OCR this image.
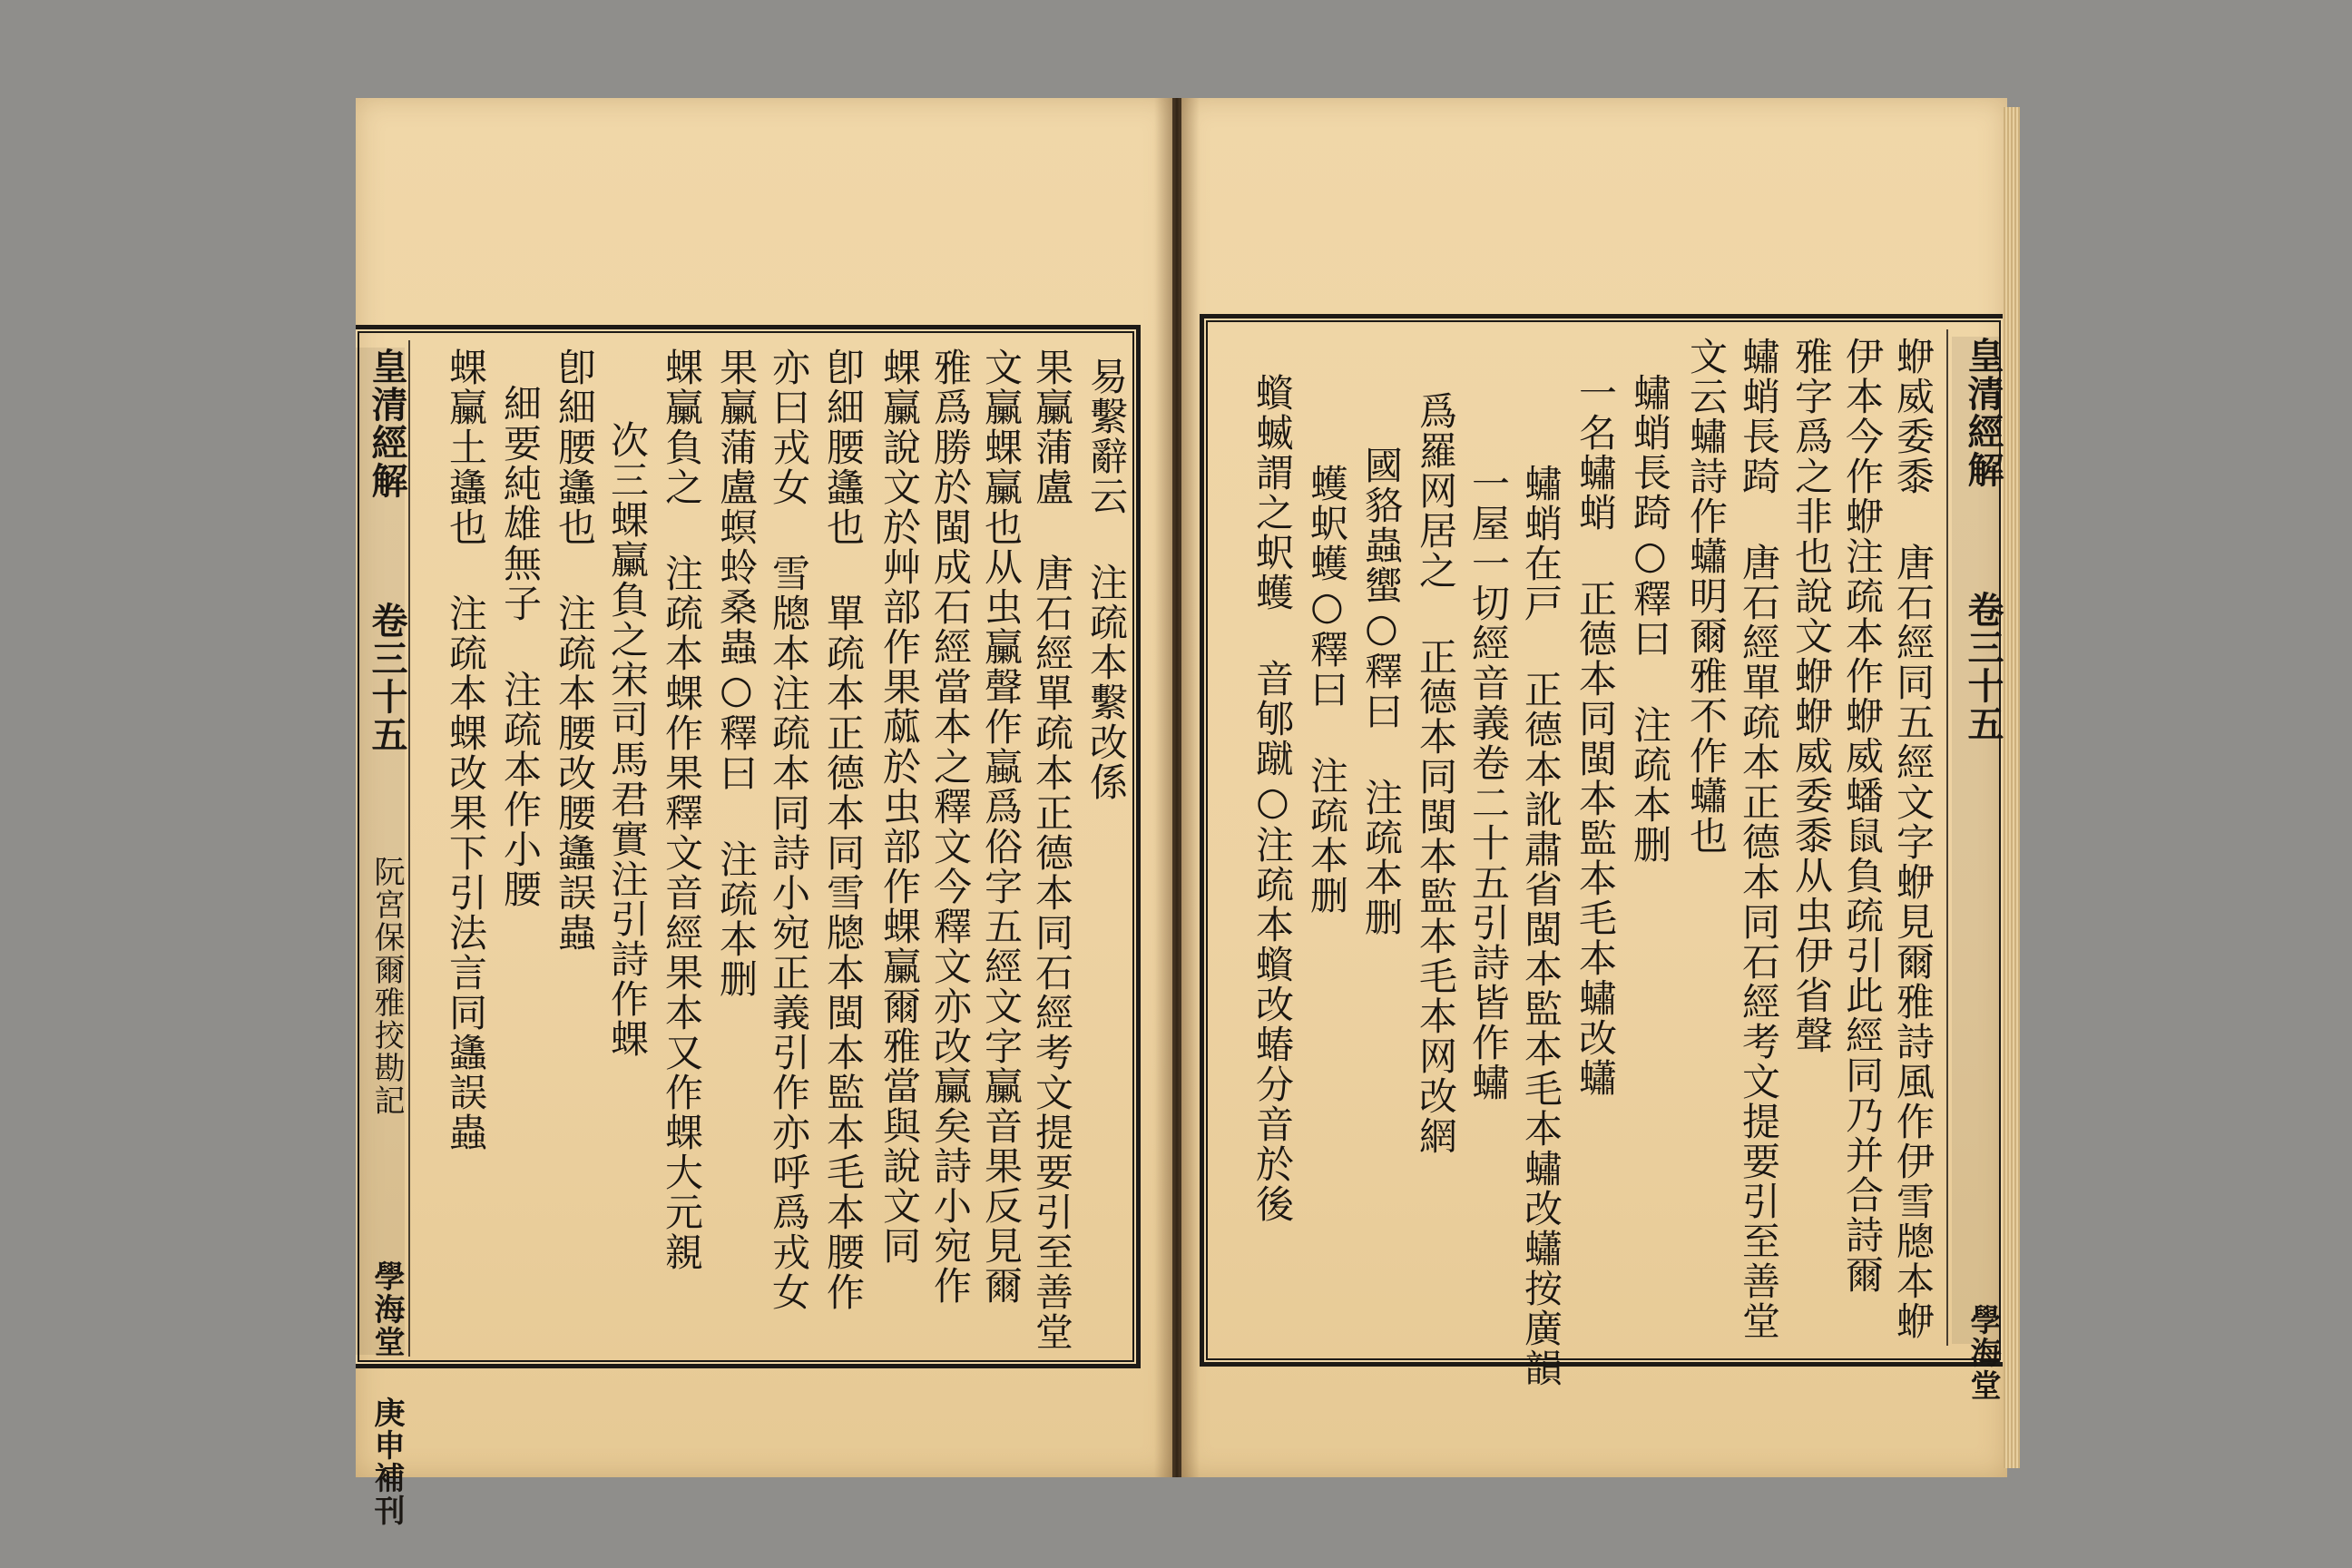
皇清經解  卷三十五  阮宮保爾雅挍勘記  學海堂 庚申補刊
易繫辭云 注疏本繫改係
果臝蒲盧 唐石經單疏本正德本同石經考文提要引至善堂
文臝蜾臝也从虫臝聲作蠃爲俗字五經文字臝音果反見爾
雅爲勝於閩成石經當本之釋文今釋文亦改臝矣詩小宛作
蜾臝說文於艸部作果蓏於虫部作蜾臝爾雅當與說文同
卽細腰蠭也 單疏本正德本同雪牕本閩本監本毛本腰作
亦曰戎女 雪牕本注疏本同詩小宛正義引作亦呼爲戎女
果臝蒲盧螟蛉桑蟲○釋曰 注疏本删
蜾臝負之 注疏本蜾作果釋文音經果本又作蜾大元親
次三蜾臝負之宋司馬君實注引詩作蜾
卽細腰蠭也 注疏本腰改腰蠭誤蟲
細要純雄無子 注疏本作小腰
蜾臝土蠭也 注疏本蜾改果下引法言同蠭誤蟲	皇清經解  卷三十五  學海堂
蛜威委黍 唐石經同五經文字蛜見爾雅詩風作伊雪牕本蛜
伊本今作蛜注疏本作蛜威蟠鼠負疏引此經同乃并合詩爾
雅字爲之非也說文蛜蛜威委黍从虫伊省聲
蟰蛸長踦 唐石經單疏本正德本同石經考文提要引至善堂
文云蟰詩作蠨明爾雅不作蠨也
蟰蛸長踦○釋曰 注疏本删
一名蟰蛸 正德本同閩本監本毛本蟰改蠨
蟰蛸在戸 正德本訛肅省閩本監本毛本蟰改蠨按廣韻
一屋一切經音義卷二十五引詩皆作蟰
爲羅网居之 正德本同閩本監本毛本网改網
國貉蟲蠁○釋曰 注疏本删
蠖蚇蠖○釋曰 注疏本删
蠀蝛謂之蚇蠖 音郇蹴○注疏本蠀改蝽分音於後
